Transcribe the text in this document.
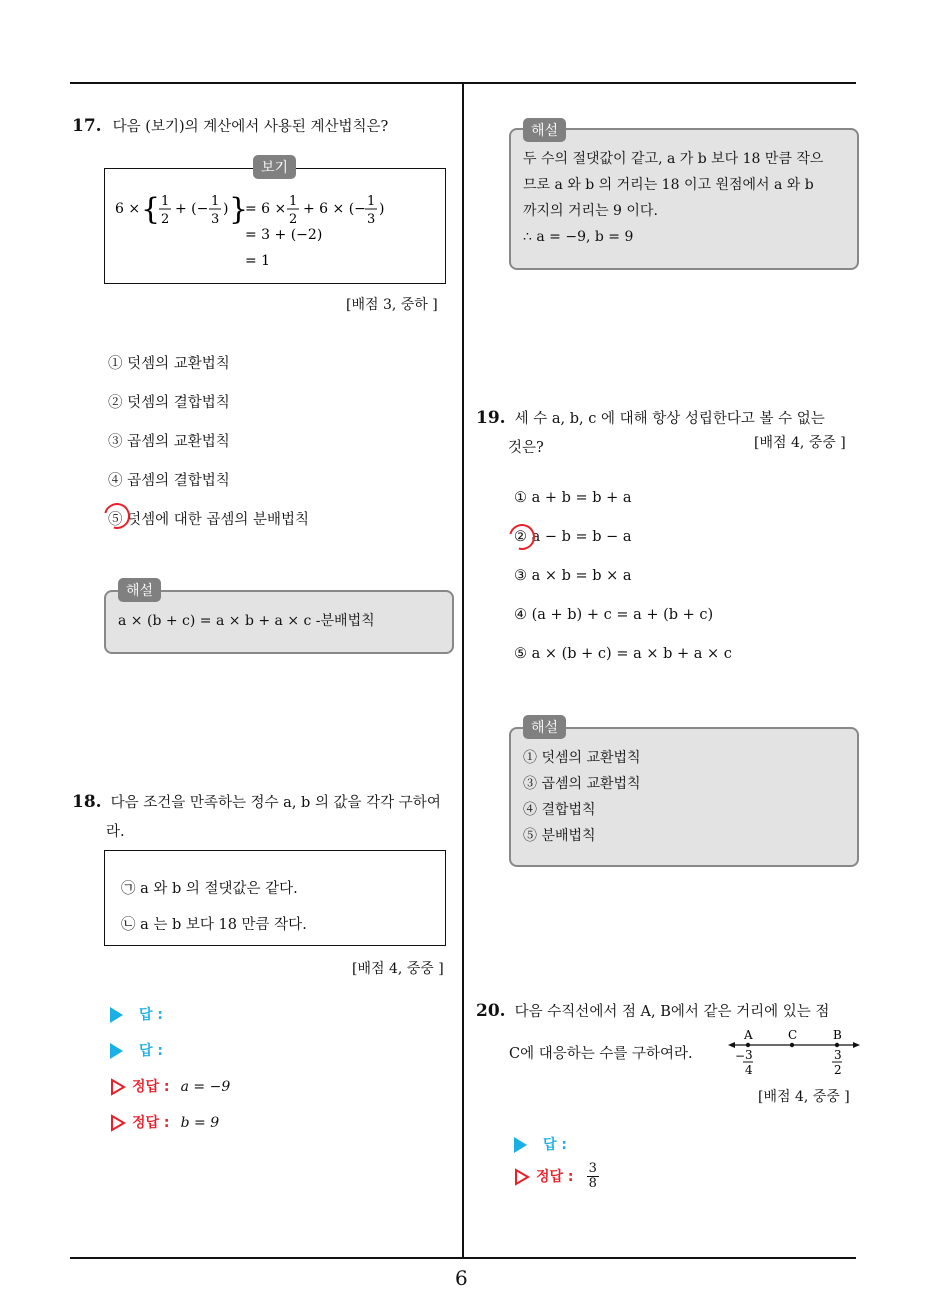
6
17. 다음 (보기)의 계산에서 사용된 계산법칙은?
보기
6 × { 1
2
+ (− 1
3
) }
= 6 × 1
2
+ 6 × (− 1
3
)
= 3 + (−2)
= 1
[배점 3, 중하 ]
① 덧셈의 교환법칙
② 덧셈의 결합법칙
③ 곱셈의 교환법칙
④ 곱셈의 결합법칙
⑤ 덧셈에 대한 곱셈의 분배법칙
해설
a × (b + c) = a × b + a × c -분배법칙
18. 다음 조건을 만족하는 정수 a, b 의 값을 각각 구하여
라.
㉠ a 와 b 의 절댓값은 같다.
㉡ a 는 b 보다 18 만큼 작다.
[배점 4, 중중 ]
답 :
답 :
정답 : a = −9
정답 : b = 9
해설
두 수의 절댓값이 같고, a 가 b 보다 18 만큼 작으
므로 a 와 b 의 거리는 18 이고 원점에서 a 와 b
까지의 거리는 9 이다.
∴ a = −9, b = 9
19. 세 수 a, b, c 에 대해 항상 성립한다고 볼 수 없는
것은?	[배점 4, 중중 ]
① a + b = b + a
② a − b = b − a
③ a × b = b × a
④ (a + b) + c = a + (b + c)
⑤ a × (b + c) = a × b + a × c
해설
① 덧셈의 교환법칙
③ 곱셈의 교환법칙
④ 결합법칙
⑤ 분배법칙
20. 다음 수직선에서 점 A, B에서 같은 거리에 있는 점
C에 대응하는 수를 구하여라.
A	C	B
− 3
4
3
2
[배점 4, 중중 ]
답 :
정답 : $\frac{3}{8}$
